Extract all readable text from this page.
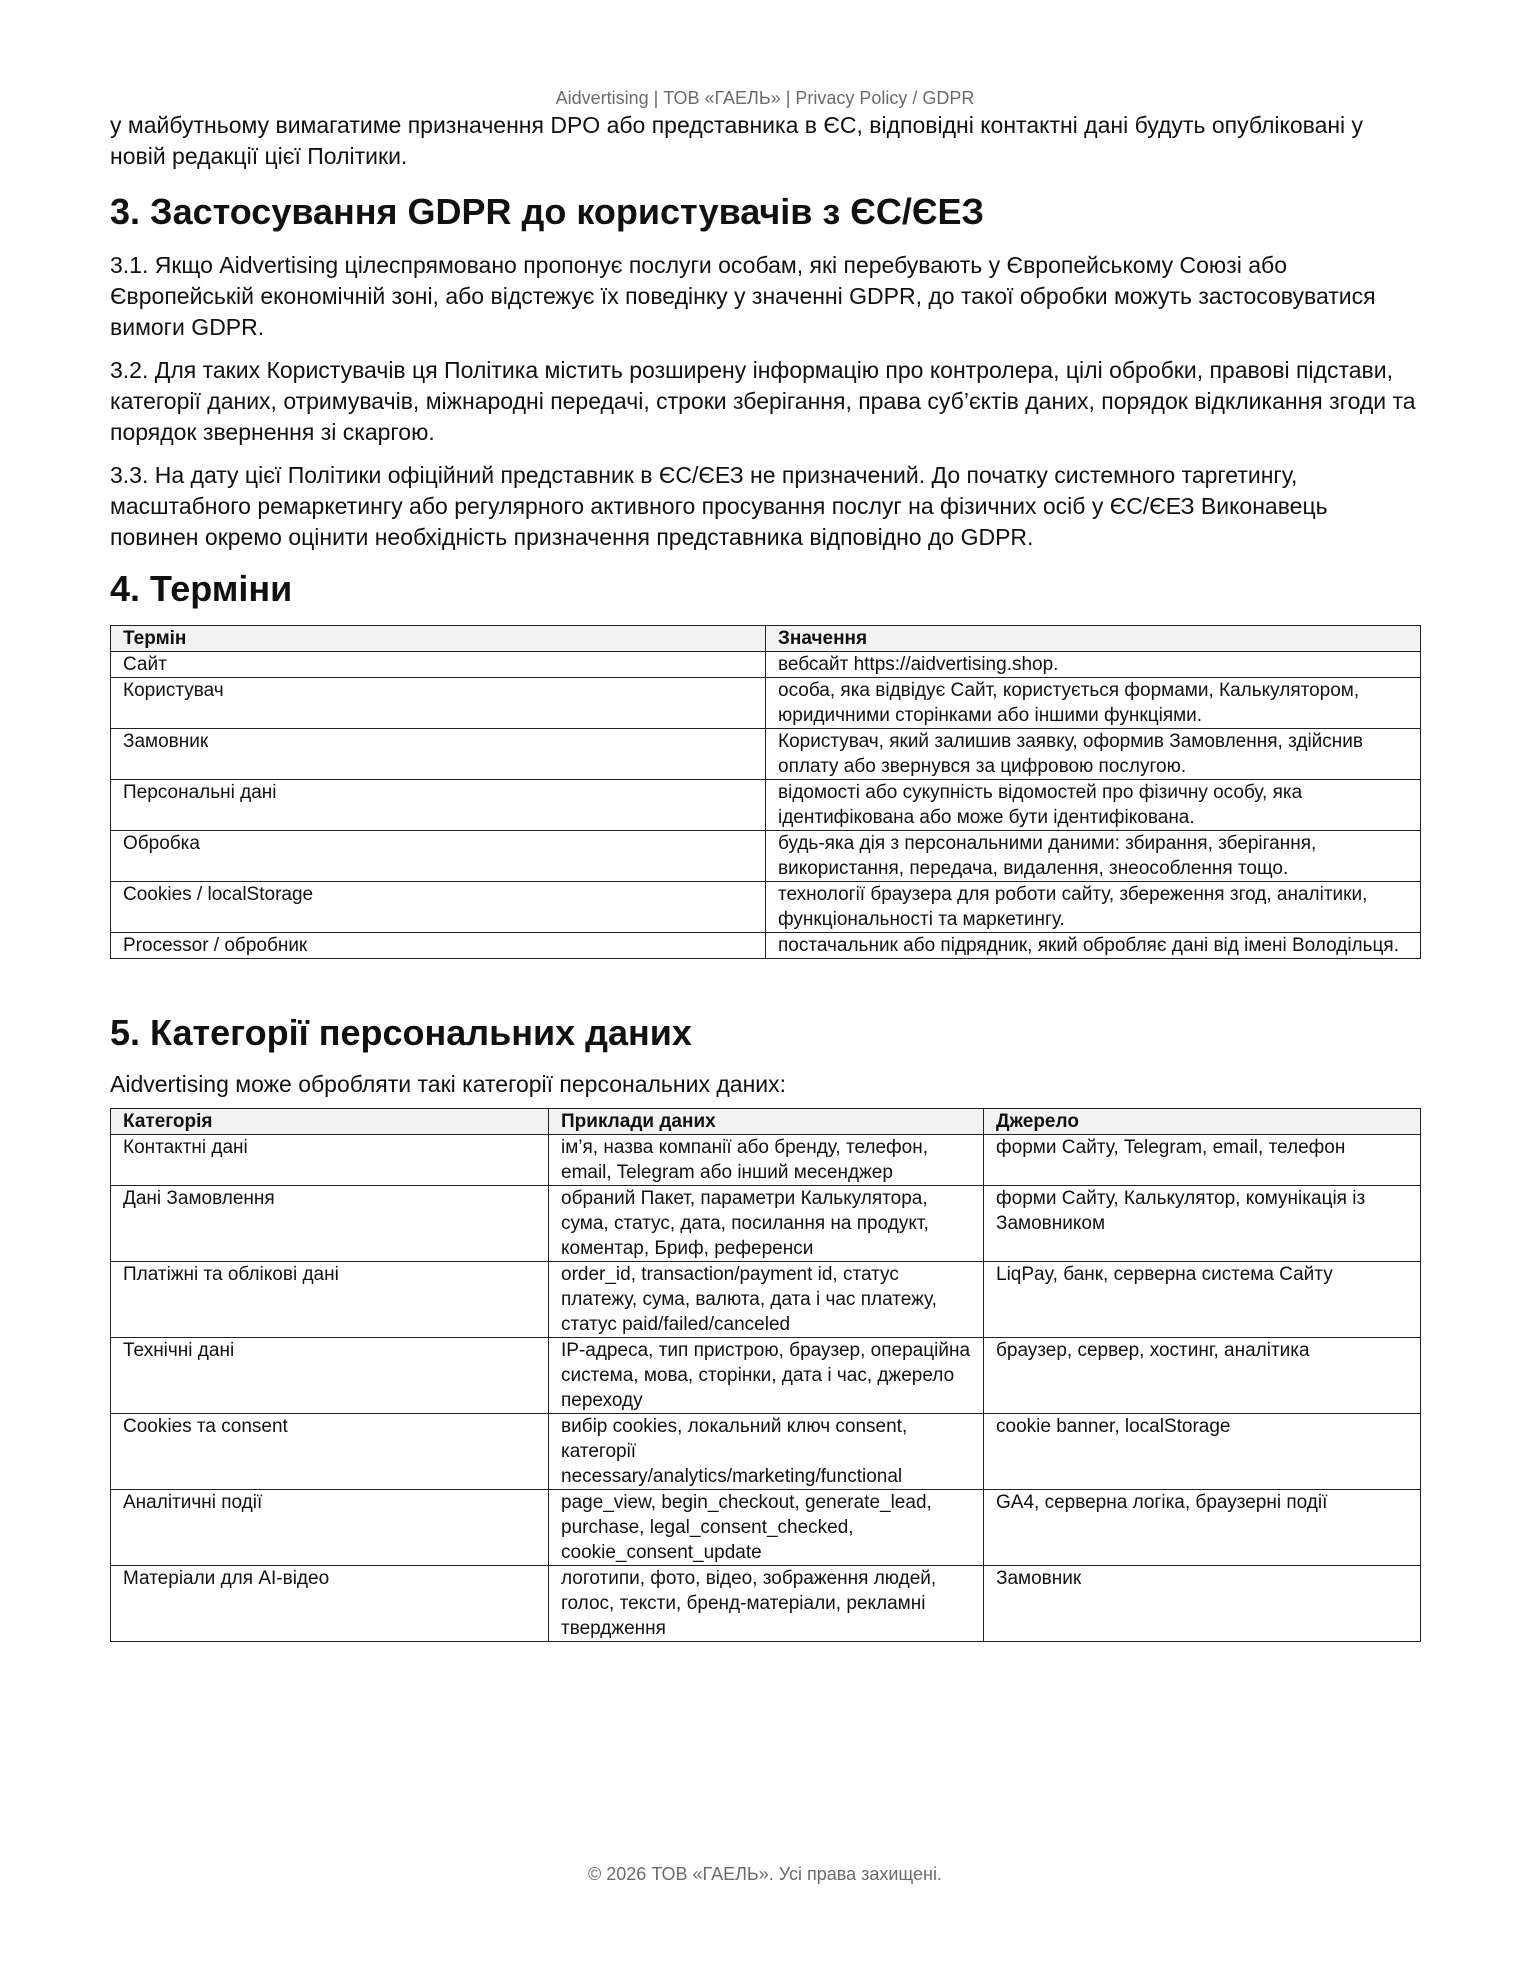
Aidvertising | ТОВ «ГАЕЛЬ» | Privacy Policy / GDPR

у майбутньому вимагатиме призначення DPO або представника в ЄС, відповідні контактні дані будуть опубліковані у новій редакції цієї Політики.

3. Застосування GDPR до користувачів з ЄС/ЄЕЗ

3.1. Якщо Aidvertising цілеспрямовано пропонує послуги особам, які перебувають у Європейському Союзі або Європейській економічній зоні, або відстежує їх поведінку у значенні GDPR, до такої обробки можуть застосовуватися вимоги GDPR.

3.2. Для таких Користувачів ця Політика містить розширену інформацію про контролера, цілі обробки, правові підстави, категорії даних, отримувачів, міжнародні передачі, строки зберігання, права суб’єктів даних, порядок відкликання згоди та порядок звернення зі скаргою.

3.3. На дату цієї Політики офіційний представник в ЄС/ЄЕЗ не призначений. До початку системного таргетингу, масштабного ремаркетингу або регулярного активного просування послуг на фізичних осіб у ЄС/ЄЕЗ Виконавець повинен окремо оцінити необхідність призначення представника відповідно до GDPR.

4. Терміни
Термін	Значення
Сайт	вебсайт https://aidvertising.shop.
Користувач	особа, яка відвідує Сайт, користується формами, Калькулятором, юридичними сторінками або іншими функціями.
Замовник	Користувач, який залишив заявку, оформив Замовлення, здійснив оплату або звернувся за цифровою послугою.
Персональні дані	відомості або сукупність відомостей про фізичну особу, яка ідентифікована або може бути ідентифікована.
Обробка	будь-яка дія з персональними даними: збирання, зберігання, використання, передача, видалення, знеособлення тощо.
Cookies / localStorage	технології браузера для роботи сайту, збереження згод, аналітики, функціональності та маркетингу.
Processor / обробник	постачальник або підрядник, який обробляє дані від імені Володільця.
5. Категорії персональних даних

Aidvertising може обробляти такі категорії персональних даних:

Категорія	Приклади даних	Джерело
Контактні дані	ім’я, назва компанії або бренду, телефон, email, Telegram або інший месенджер	форми Сайту, Telegram, email, телефон
Дані Замовлення	обраний Пакет, параметри Калькулятора, сума, статус, дата, посилання на продукт, коментар, Бриф, референси	форми Сайту, Калькулятор, комунікація із Замовником
Платіжні та облікові дані	order_id, transaction/payment id, статус платежу, сума, валюта, дата і час платежу, статус paid/failed/canceled	LiqPay, банк, серверна система Сайту
Технічні дані	IP-адреса, тип пристрою, браузер, операційна система, мова, сторінки, дата і час, джерело переходу	браузер, сервер, хостинг, аналітика
Cookies та consent	вибір cookies, локальний ключ consent, категорії necessary/analytics/marketing/functional	cookie banner, localStorage
Аналітичні події	page_view, begin_checkout, generate_lead, purchase, legal_consent_checked, cookie_consent_update	GA4, серверна логіка, браузерні події
Матеріали для AI-відео	логотипи, фото, відео, зображення людей, голос, тексти, бренд-матеріали, рекламні твердження	Замовник
© 2026 ТОВ «ГАЕЛЬ». Усі права захищені.
